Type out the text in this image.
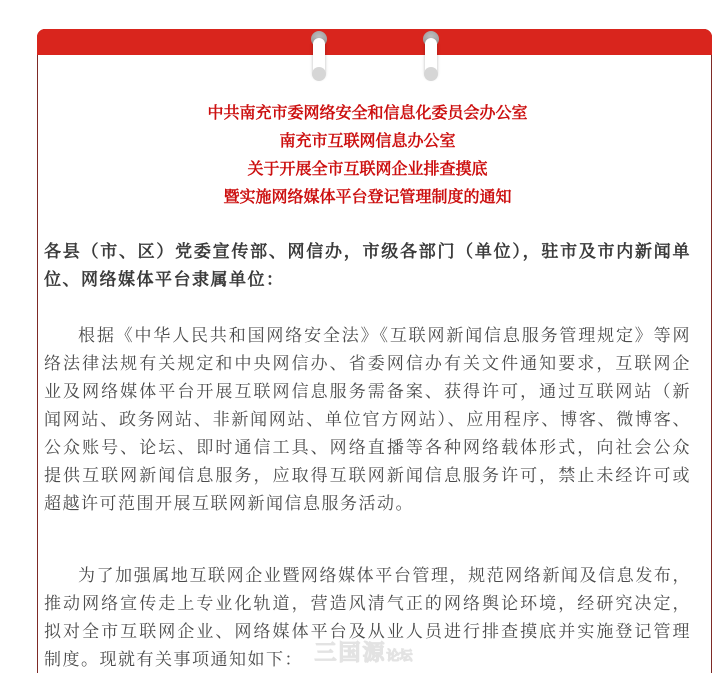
中共南充市委网络安全和信息化委员会办公室
南充市互联网信息办公室
关于开展全市互联网企业排查摸底
暨实施网络媒体平台登记管理制度的通知

各县（市、区）党委宣传部、网信办，市级各部门（单位），驻市及市内新闻单位、网络媒体平台隶属单位：

根据《中华人民共和国网络安全法》《互联网新闻信息服务管理规定》等网络法律法规有关规定和中央网信办、省委网信办有关文件通知要求，互联网企业及网络媒体平台开展互联网信息服务需备案、获得许可，通过互联网站（新闻网站、政务网站、非新闻网站、单位官方网站）、应用程序、博客、微博客、公众账号、论坛、即时通信工具、网络直播等各种网络载体形式，向社会公众提供互联网新闻信息服务，应取得互联网新闻信息服务许可，禁止未经许可或超越许可范围开展互联网新闻信息服务活动。

为了加强属地互联网企业暨网络媒体平台管理，规范网络新闻及信息发布，推动网络宣传走上专业化轨道，营造风清气正的网络舆论环境，经研究决定，拟对全市互联网企业、网络媒体平台及从业人员进行排查摸底并实施登记管理制度。现就有关事项通知如下： 三国源论坛
